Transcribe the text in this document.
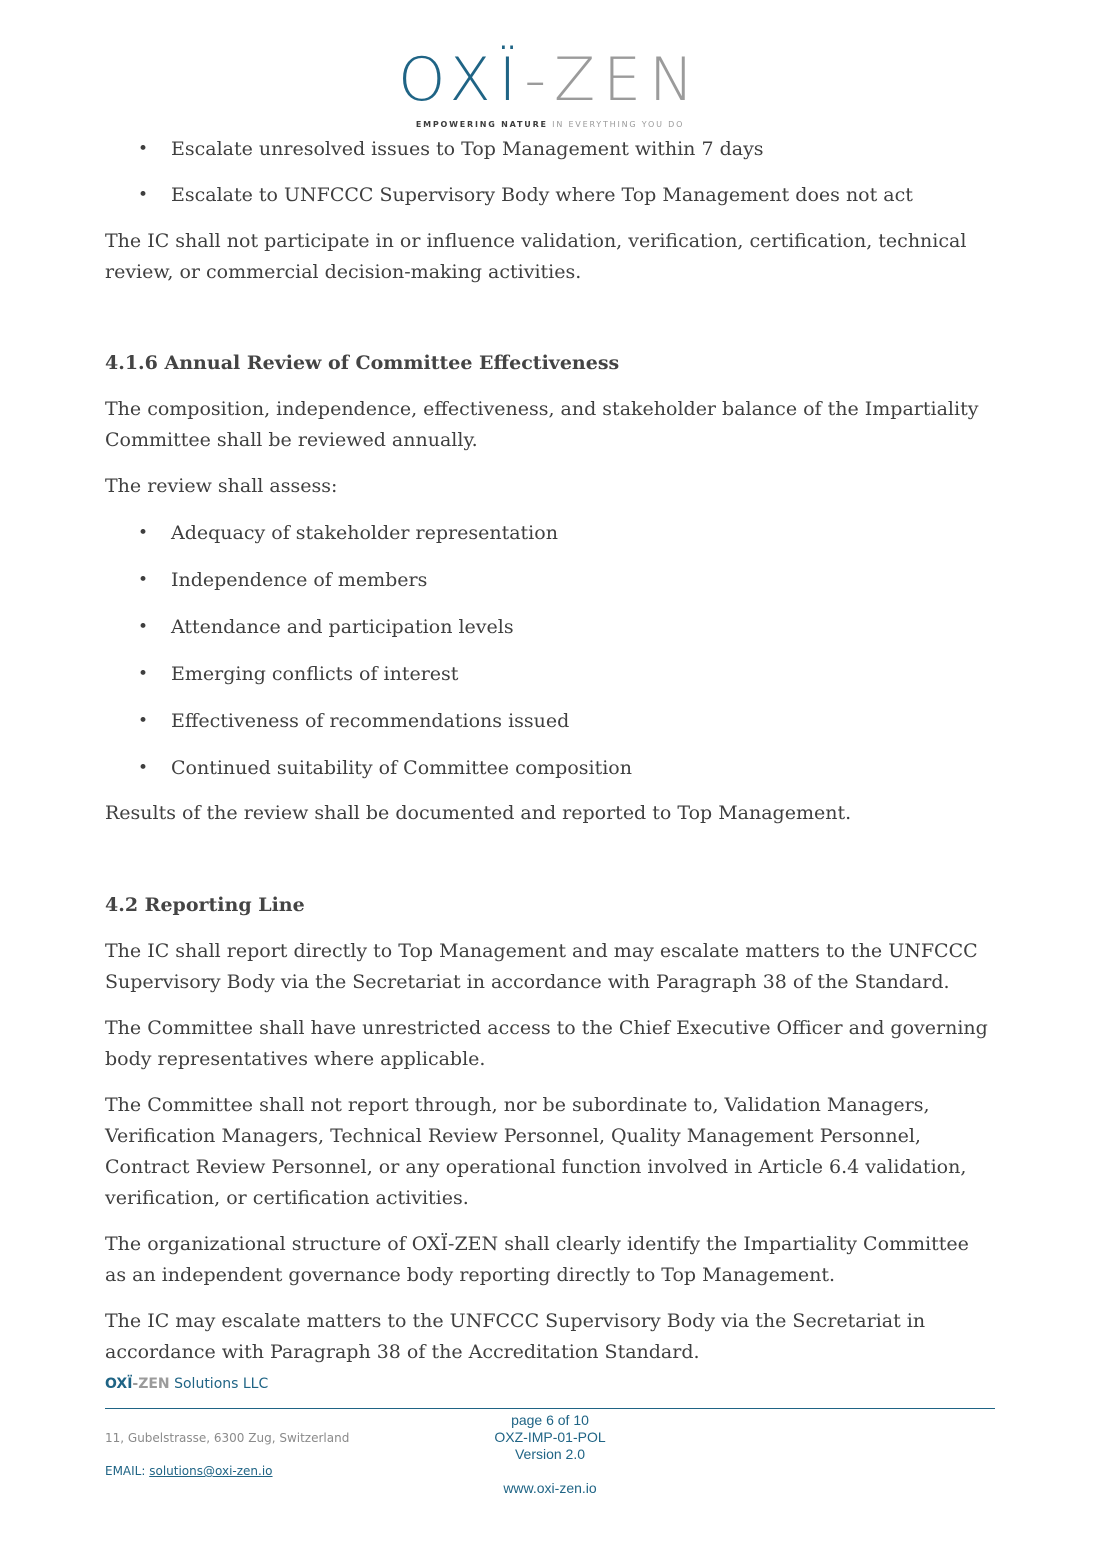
OXÏ-ZEN
EMPOWERING NATURE IN EVERYTHING YOU DO
• Escalate unresolved issues to Top Management within 7 days
• Escalate to UNFCCC Supervisory Body where Top Management does not act

The IC shall not participate in or influence validation, verification, certification, technical review, or commercial decision-making activities.

4.1.6 Annual Review of Committee Effectiveness

The composition, independence, effectiveness, and stakeholder balance of the Impartiality Committee shall be reviewed annually.

The review shall assess:

• Adequacy of stakeholder representation
• Independence of members
• Attendance and participation levels
• Emerging conflicts of interest
• Effectiveness of recommendations issued
• Continued suitability of Committee composition

Results of the review shall be documented and reported to Top Management.

4.2 Reporting Line

The IC shall report directly to Top Management and may escalate matters to the UNFCCC Supervisory Body via the Secretariat in accordance with Paragraph 38 of the Standard.

The Committee shall have unrestricted access to the Chief Executive Officer and governing body representatives where applicable.

The Committee shall not report through, nor be subordinate to, Validation Managers, Verification Managers, Technical Review Personnel, Quality Management Personnel, Contract Review Personnel, or any operational function involved in Article 6.4 validation, verification, or certification activities.

The organizational structure of OXÏ-ZEN shall clearly identify the Impartiality Committee as an independent governance body reporting directly to Top Management.

The IC may escalate matters to the UNFCCC Supervisory Body via the Secretariat in accordance with Paragraph 38 of the Accreditation Standard.

OXÏ-ZEN Solutions LLC
11, Gubelstrasse, 6300 Zug, Switzerland
EMAIL: solutions@oxi-zen.io
page 6 of 10
OXZ-IMP-01-POL
Version 2.0
www.oxi-zen.io
